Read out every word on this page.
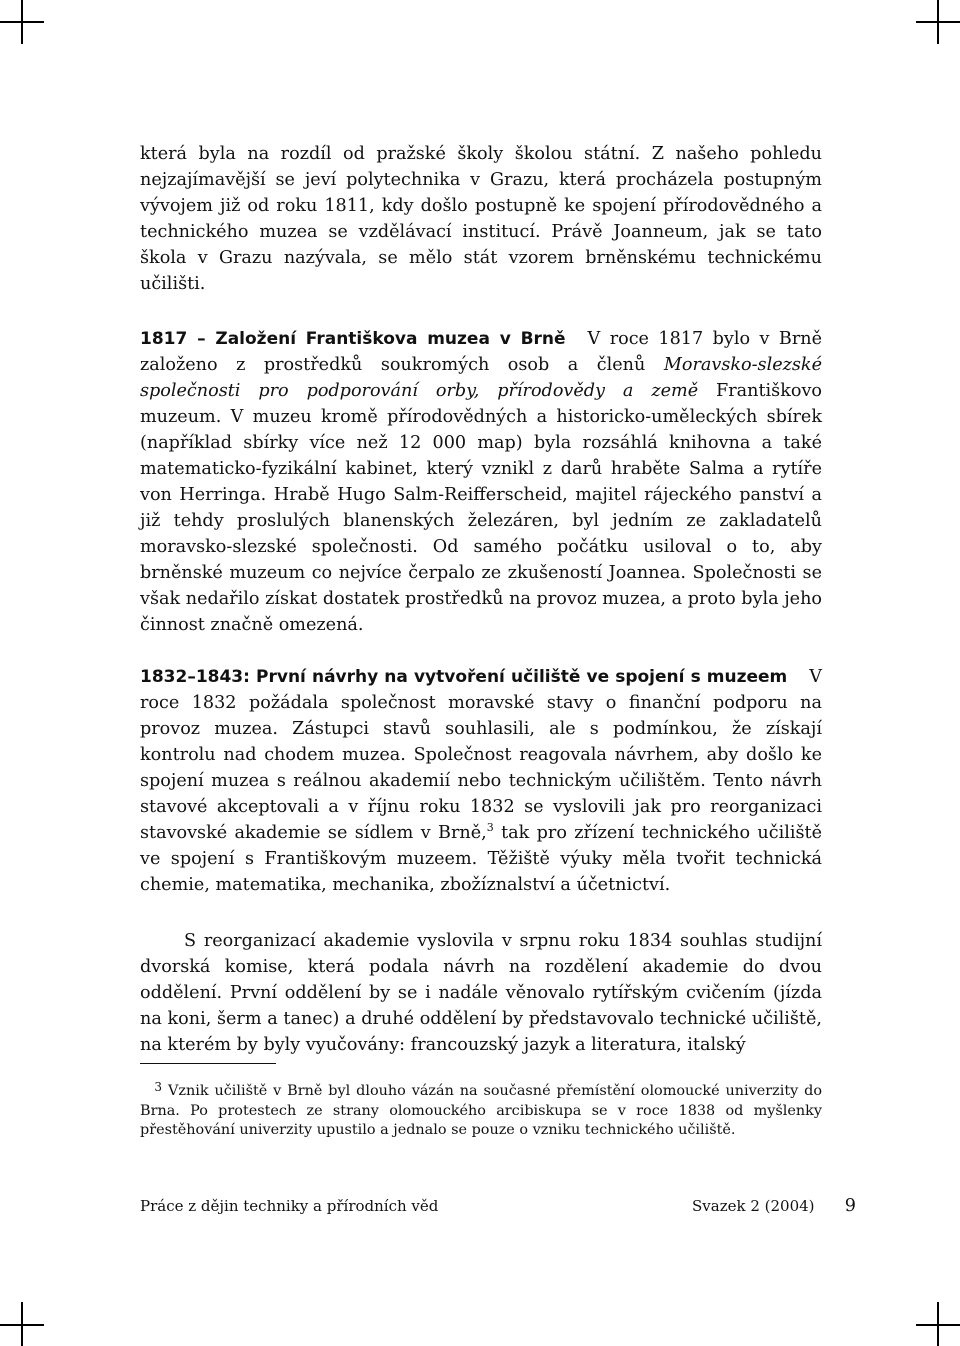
která byla na rozdíl od pražské školy školou státní. Z našeho pohledu nejzajímavější se jeví polytechnika v Grazu, která procházela postupným vývojem již od roku 1811, kdy došlo postupně ke spojení přírodovědného a technického muzea se vzdělávací institucí. Právě Joanneum, jak se tato škola v Grazu nazývala, se mělo stát vzorem brněnskému technickému učilišti.

1817 – Založení Františkova muzea v Brně V roce 1817 bylo v Brně založeno z prostředků soukromých osob a členů Moravsko-slezské společnosti pro podporování orby, přírodovědy a země Františkovo muzeum. V muzeu kromě přírodovědných a historicko-uměleckých sbírek (například sbírky více než 12 000 map) byla rozsáhlá knihovna a také matematicko-fyzikální kabinet, který vznikl z darů hraběte Salma a rytíře von Herringa. Hrabě Hugo Salm-Reifferscheid, majitel rájeckého panství a již tehdy proslulých blanenských železáren, byl jedním ze zakladatelů moravsko-slezské společnosti. Od samého počátku usiloval o to, aby brněnské muzeum co nejvíce čerpalo ze zkušeností Joannea. Společnosti se však nedařilo získat dostatek prostředků na provoz muzea, a proto byla jeho činnost značně omezená.

1832–1843: První návrhy na vytvoření učiliště ve spojení s muzeem V roce 1832 požádala společnost moravské stavy o finanční podporu na provoz muzea. Zástupci stavů souhlasili, ale s podmínkou, že získají kontrolu nad chodem muzea. Společnost reagovala návrhem, aby došlo ke spojení muzea s reálnou akademií nebo technickým učilištěm. Tento návrh stavové akceptovali a v říjnu roku 1832 se vyslovili jak pro reorganizaci stavovské akademie se sídlem v Brně,$^3$ tak pro zřízení technického učiliště ve spojení s Františkovým muzeem. Těžiště výuky měla tvořit technická chemie, matematika, mechanika, zbožíznalství a účetnictví.

S reorganizací akademie vyslovila v srpnu roku 1834 souhlas studijní dvorská komise, která podala návrh na rozdělení akademie do dvou oddělení. První oddělení by se i nadále věnovalo rytířským cvičením (jízda na koni, šerm a tanec) a druhé oddělení by představovalo technické učiliště, na kterém by byly vyučovány: francouzský jazyk a literatura, italský

3 Vznik učiliště v Brně byl dlouho vázán na současné přemístění olomoucké univerzity do Brna. Po protestech ze strany olomouckého arcibiskupa se v roce 1838 od myšlenky přestěhování univerzity upustilo a jednalo se pouze o vzniku technického učiliště.

Práce z dějin techniky a přírodních věd	Svazek 2 (2004) 9
